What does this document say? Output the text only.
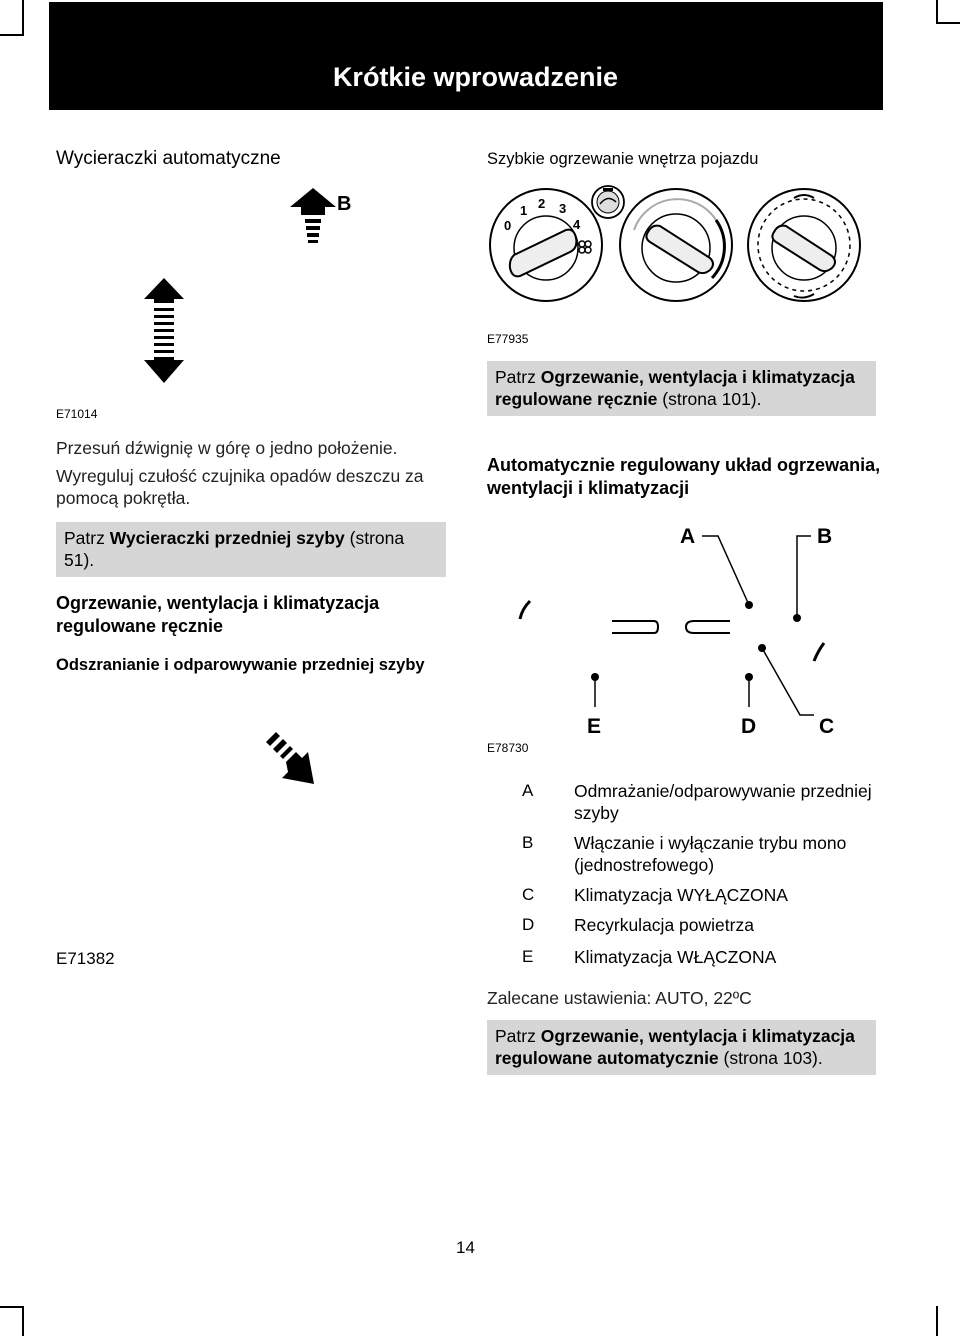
Krótkie wprowadzenie
Wycieraczki automatyczne
B
E71014
Przesuń dźwignię w górę o jedno położenie.
Wyreguluj czułość czujnika opadów deszczu za pomocą pokrętła.
Patrz Wycieraczki przedniej szyby (strona 51).
Ogrzewanie, wentylacja i klimatyzacja regulowane ręcznie
Odszranianie i odparowywanie przedniej szyby
E71382
Szybkie ogrzewanie wnętrza pojazdu
0
1 2 3
4
E77935
Patrz Ogrzewanie, wentylacja i klimatyzacja regulowane ręcznie (strona 101).
Automatycznie regulowany układ ogrzewania, wentylacji i klimatyzacji
A	B
E	D	C
E78730
A Odmrażanie/odparowywanie przedniej szyby
B Włączanie i wyłączanie trybu mono (jednostrefowego)
C Klimatyzacja WYŁĄCZONA
D Recyrkulacja powietrza
E Klimatyzacja WŁĄCZONA
Zalecane ustawienia: AUTO, 22ºC
Patrz Ogrzewanie, wentylacja i klimatyzacja regulowane automatycznie (strona 103).
14
